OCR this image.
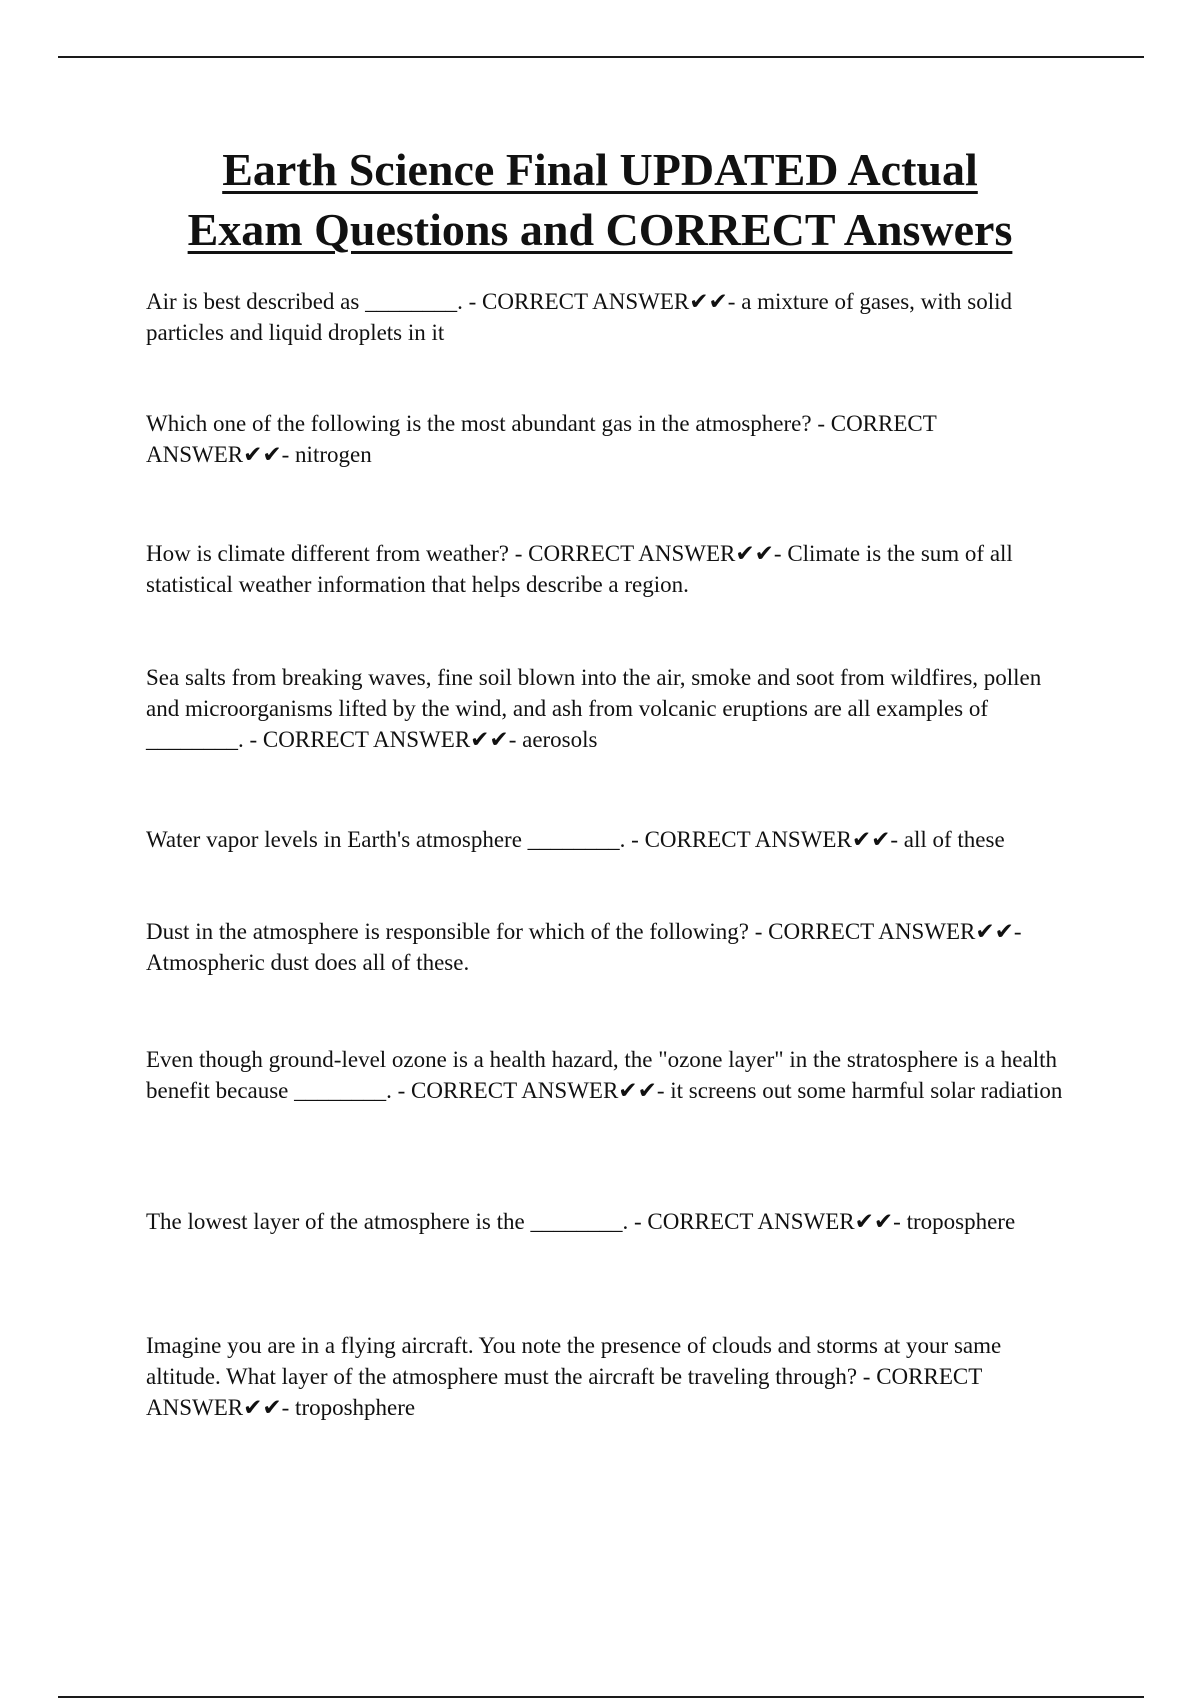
Earth Science Final UPDATED Actual
Exam Questions and CORRECT Answers

Air is best described as ________. - CORRECT ANSWER✔✔- a mixture of gases, with solid particles and liquid droplets in it

Which one of the following is the most abundant gas in the atmosphere? - CORRECT ANSWER✔✔- nitrogen

How is climate different from weather? - CORRECT ANSWER✔✔- Climate is the sum of all statistical weather information that helps describe a region.

Sea salts from breaking waves, fine soil blown into the air, smoke and soot from wildfires, pollen and microorganisms lifted by the wind, and ash from volcanic eruptions are all examples of ________. - CORRECT ANSWER✔✔- aerosols

Water vapor levels in Earth's atmosphere ________. - CORRECT ANSWER✔✔- all of these

Dust in the atmosphere is responsible for which of the following? - CORRECT ANSWER✔✔- Atmospheric dust does all of these.

Even though ground-level ozone is a health hazard, the "ozone layer" in the stratosphere is a health benefit because ________. - CORRECT ANSWER✔✔- it screens out some harmful solar radiation

The lowest layer of the atmosphere is the ________. - CORRECT ANSWER✔✔- troposphere

Imagine you are in a flying aircraft. You note the presence of clouds and storms at your same altitude. What layer of the atmosphere must the aircraft be traveling through? - CORRECT ANSWER✔✔- troposhphere
